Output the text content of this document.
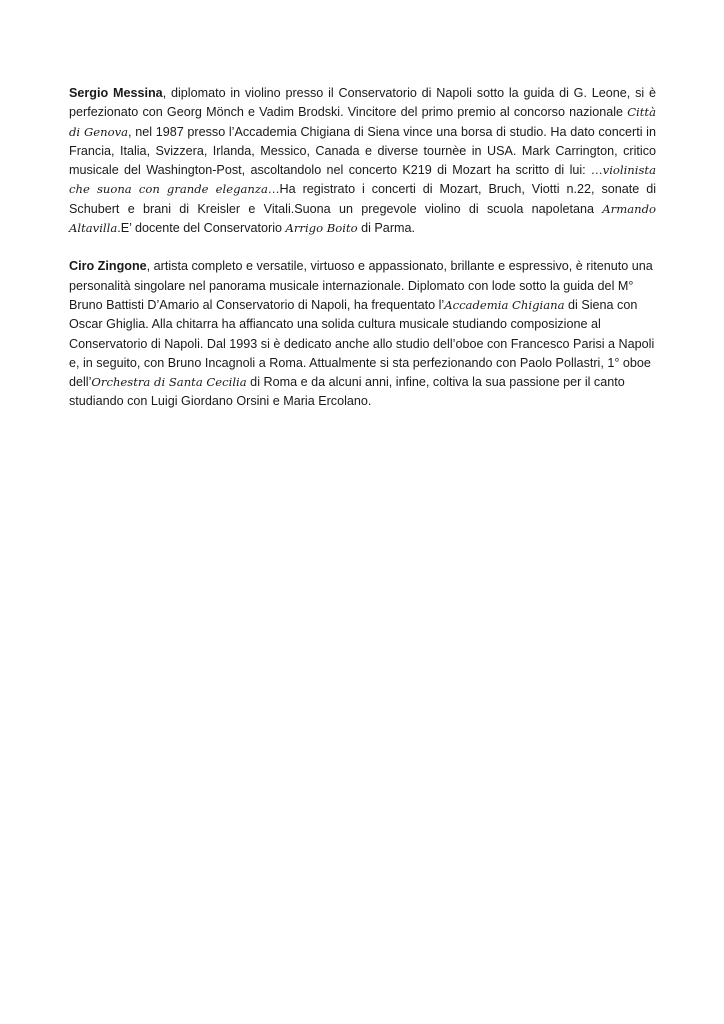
Sergio Messina, diplomato in violino presso il Conservatorio di Napoli sotto la guida di G. Leone, si è perfezionato con Georg Mönch e Vadim Brodski. Vincitore del primo premio al concorso nazionale Città di Genova, nel 1987 presso l’Accademia Chigiana di Siena vince una borsa di studio. Ha dato concerti in Francia, Italia, Svizzera, Irlanda, Messico, Canada e diverse tournèe in USA. Mark Carrington, critico musicale del Washington-Post, ascoltandolo nel concerto K219 di Mozart ha scritto di lui: …violinista che suona con grande eleganza…Ha registrato i concerti di Mozart, Bruch, Viotti n.22, sonate di Schubert e brani di Kreisler e Vitali.Suona un pregevole violino di scuola napoletana Armando Altavilla.E’ docente del Conservatorio Arrigo Boito di Parma.

Ciro Zingone, artista completo e versatile, virtuoso e appassionato, brillante e espressivo, è ritenuto una personalità singolare nel panorama musicale internazionale. Diplomato con lode sotto la guida del M° Bruno Battisti D’Amario al Conservatorio di Napoli, ha frequentato l’Accademia Chigiana di Siena con Oscar Ghiglia. Alla chitarra ha affiancato una solida cultura musicale studiando composizione al Conservatorio di Napoli. Dal 1993 si è dedicato anche allo studio dell’oboe con Francesco Parisi a Napoli e, in seguito, con Bruno Incagnoli a Roma. Attualmente si sta perfezionando con Paolo Pollastri, 1° oboe dell’Orchestra di Santa Cecilia di Roma e da alcuni anni, infine, coltiva la sua passione per il canto studiando con Luigi Giordano Orsini e Maria Ercolano.
